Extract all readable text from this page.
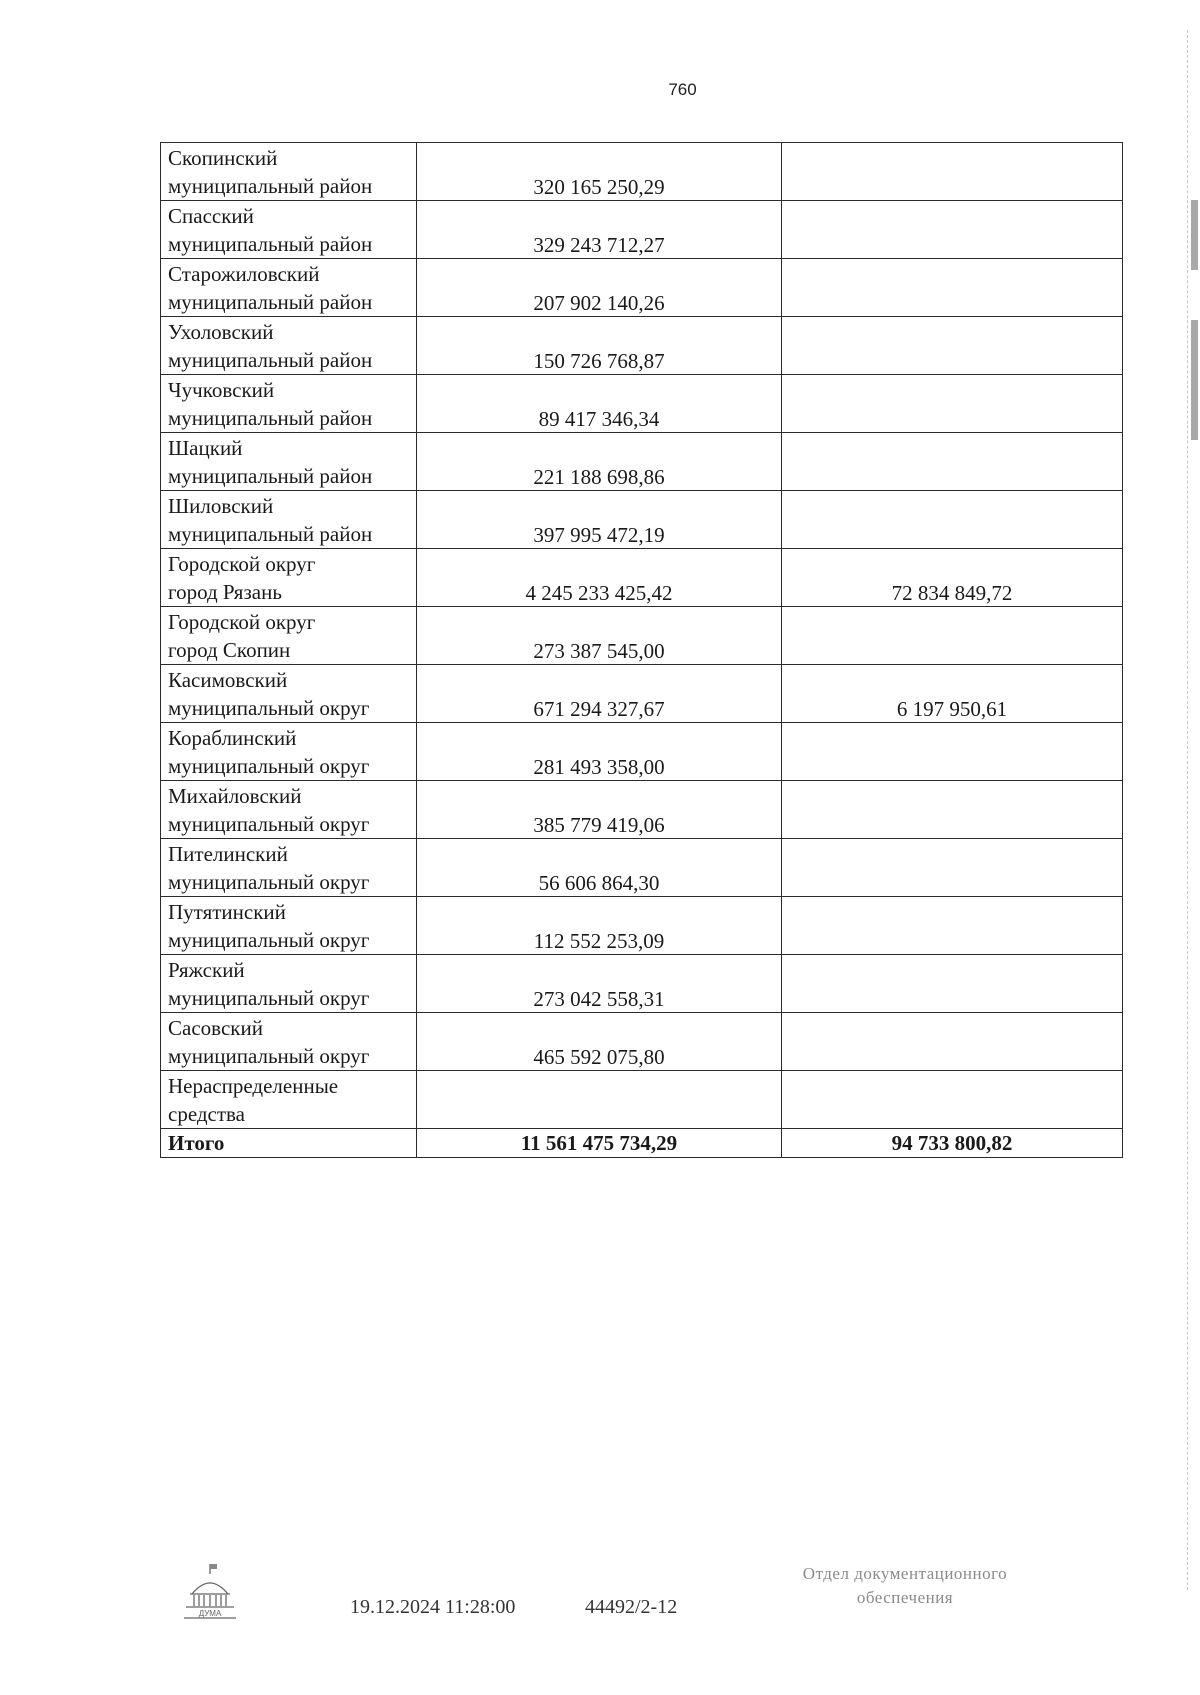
760
Скопинский
муниципальный район	320 165 250,29	

Спасский
муниципальный район	329 243 712,27	

Старожиловский
муниципальный район	207 902 140,26	

Ухоловский
муниципальный район	150 726 768,87	

Чучковский
муниципальный район	89 417 346,34	

Шацкий
муниципальный район	221 188 698,86	

Шиловский
муниципальный район	397 995 472,19	

Городской округ
город Рязань	4 245 233 425,42	72 834 849,72

Городской округ
город Скопин	273 387 545,00	

Касимовский
муниципальный округ	671 294 327,67	6 197 950,61

Кораблинский
муниципальный округ	281 493 358,00	

Михайловский
муниципальный округ	385 779 419,06	

Пителинский
муниципальный округ	56 606 864,30	

Путятинский
муниципальный округ	112 552 253,09	

Ряжский
муниципальный округ	273 042 558,31	

Сасовский
муниципальный округ	465 592 075,80	

Нераспределенные
средства		

Итого	11 561 475 734,29	94 733 800,82
ДУМА	19.12.2024 11:28:00	44492/2-12
Отдел документационного
обеспечения
